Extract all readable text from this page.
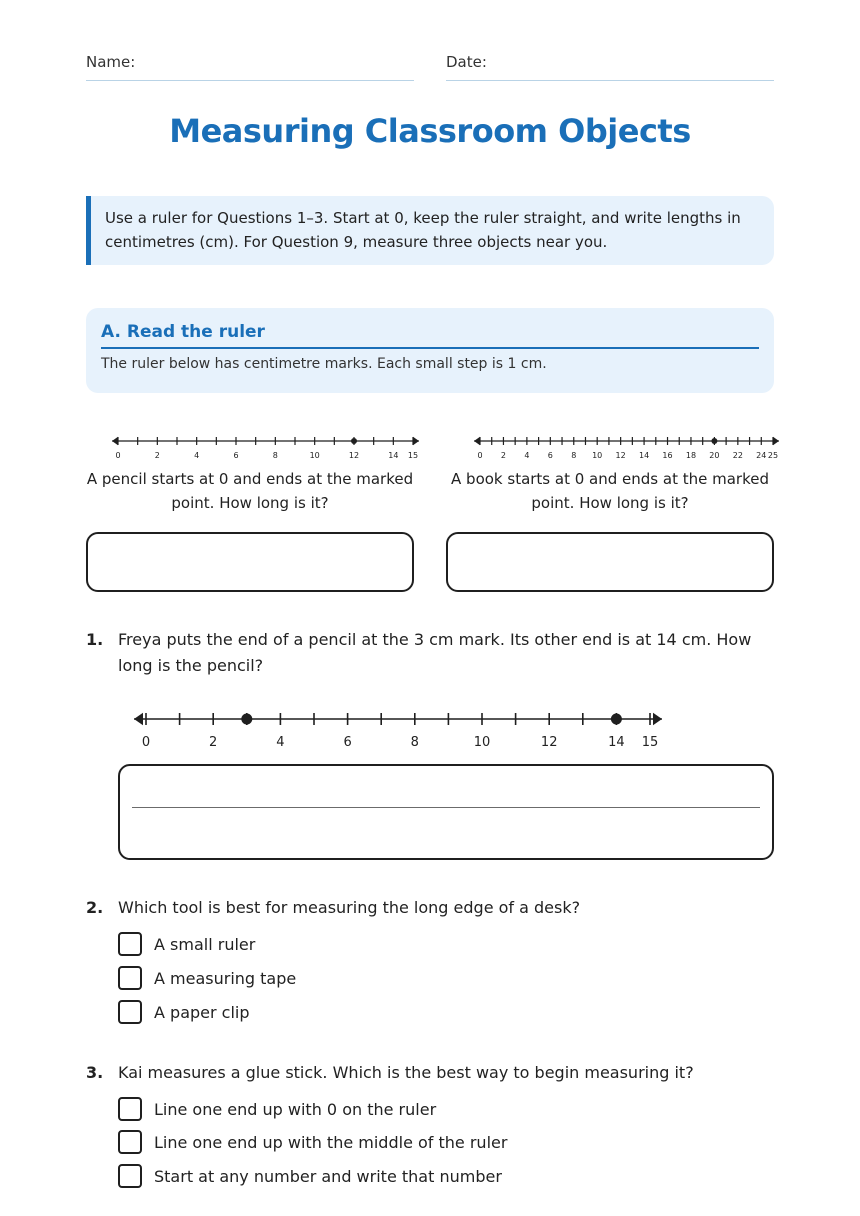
Name:	Date:
Measuring Classroom Objects
Use a ruler for Questions 1–3. Start at 0, keep the ruler straight, and write lengths in centimetres (cm). For Question 9, measure three objects near you.
A. Read the ruler
The ruler below has centimetre marks. Each small step is 1 cm.
0	2	4	6	8	10	12	14 15	0 2 4 6 8 10 12 14 16 18 20 22 24 25
A pencil starts at 0 and ends at the marked point. How long is it?
A book starts at 0 and ends at the marked point. How long is it?
1. Freya puts the end of a pencil at the 3 cm mark. Its other end is at 14 cm. How long is the pencil?
0	2	4	6	8	10	12	14 15
2. Which tool is best for measuring the long edge of a desk?
A small ruler
A measuring tape
A paper clip
3. Kai measures a glue stick. Which is the best way to begin measuring it?
Line one end up with 0 on the ruler
Line one end up with the middle of the ruler
Start at any number and write that number
